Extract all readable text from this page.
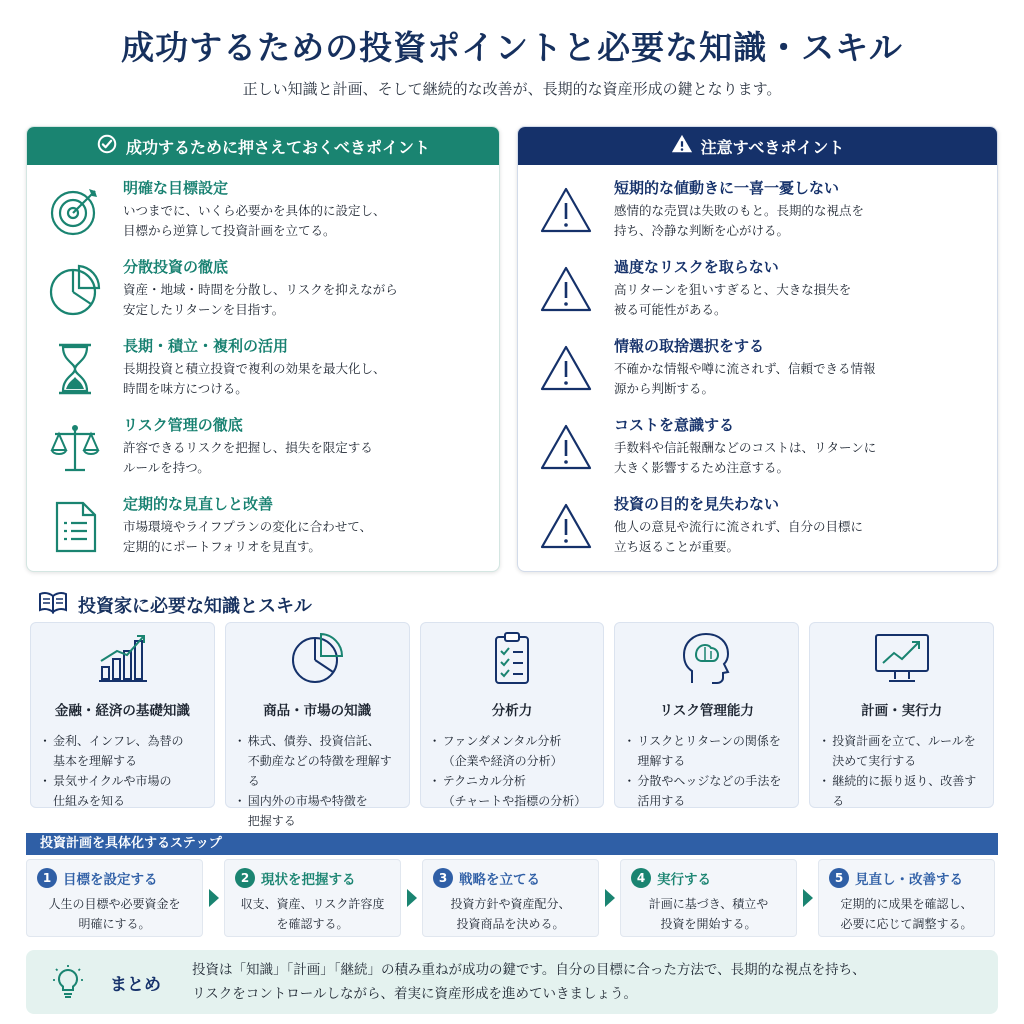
成功するための投資ポイントと必要な知識・スキル
正しい知識と計画、そして継続的な改善が、長期的な資産形成の鍵となります。
成功するために押さえておくべきポイント
明確な目標設定
いつまでに、いくら必要かを具体的に設定し、
目標から逆算して投資計画を立てる。
分散投資の徹底
資産・地域・時間を分散し、リスクを抑えながら
安定したリターンを目指す。
長期・積立・複利の活用
長期投資と積立投資で複利の効果を最大化し、
時間を味方につける。
リスク管理の徹底
許容できるリスクを把握し、損失を限定する
ルールを持つ。
定期的な見直しと改善
市場環境やライフプランの変化に合わせて、
定期的にポートフォリオを見直す。
注意すべきポイント
短期的な値動きに一喜一憂しない
感情的な売買は失敗のもと。長期的な視点を
持ち、冷静な判断を心がける。
過度なリスクを取らない
高リターンを狙いすぎると、大きな損失を
被る可能性がある。
情報の取捨選択をする
不確かな情報や噂に流されず、信頼できる情報
源から判断する。
コストを意識する
手数料や信託報酬などのコストは、リターンに
大きく影響するため注意する。
投資の目的を見失わない
他人の意見や流行に流されず、自分の目標に
立ち返ることが重要。
投資家に必要な知識とスキル
金融・経済の基礎知識
・ 金利、インフレ、為替の
基本を理解する
・ 景気サイクルや市場の
仕組みを知る
商品・市場の知識
・ 株式、債券、投資信託、
不動産などの特徴を理解する
・ 国内外の市場や特徴を
把握する
分析力
・ ファンダメンタル分析
（企業や経済の分析）
・ テクニカル分析
（チャートや指標の分析）
リスク管理能力
・ リスクとリターンの関係を
理解する
・ 分散やヘッジなどの手法を
活用する
計画・実行力
・ 投資計画を立て、ルールを
決めて実行する
・ 継続的に振り返り、改善する
投資計画を具体化するステップ
1 目標を設定する
人生の目標や必要資金を
明確にする。
2 現状を把握する
収支、資産、リスク許容度
を確認する。
3 戦略を立てる
投資方針や資産配分、
投資商品を決める。
4 実行する
計画に基づき、積立や
投資を開始する。
5 見直し・改善する
定期的に成果を確認し、
必要に応じて調整する。
まとめ
投資は「知識」「計画」「継続」の積み重ねが成功の鍵です。自分の目標に合った方法で、長期的な視点を持ち、
リスクをコントロールしながら、着実に資産形成を進めていきましょう。
